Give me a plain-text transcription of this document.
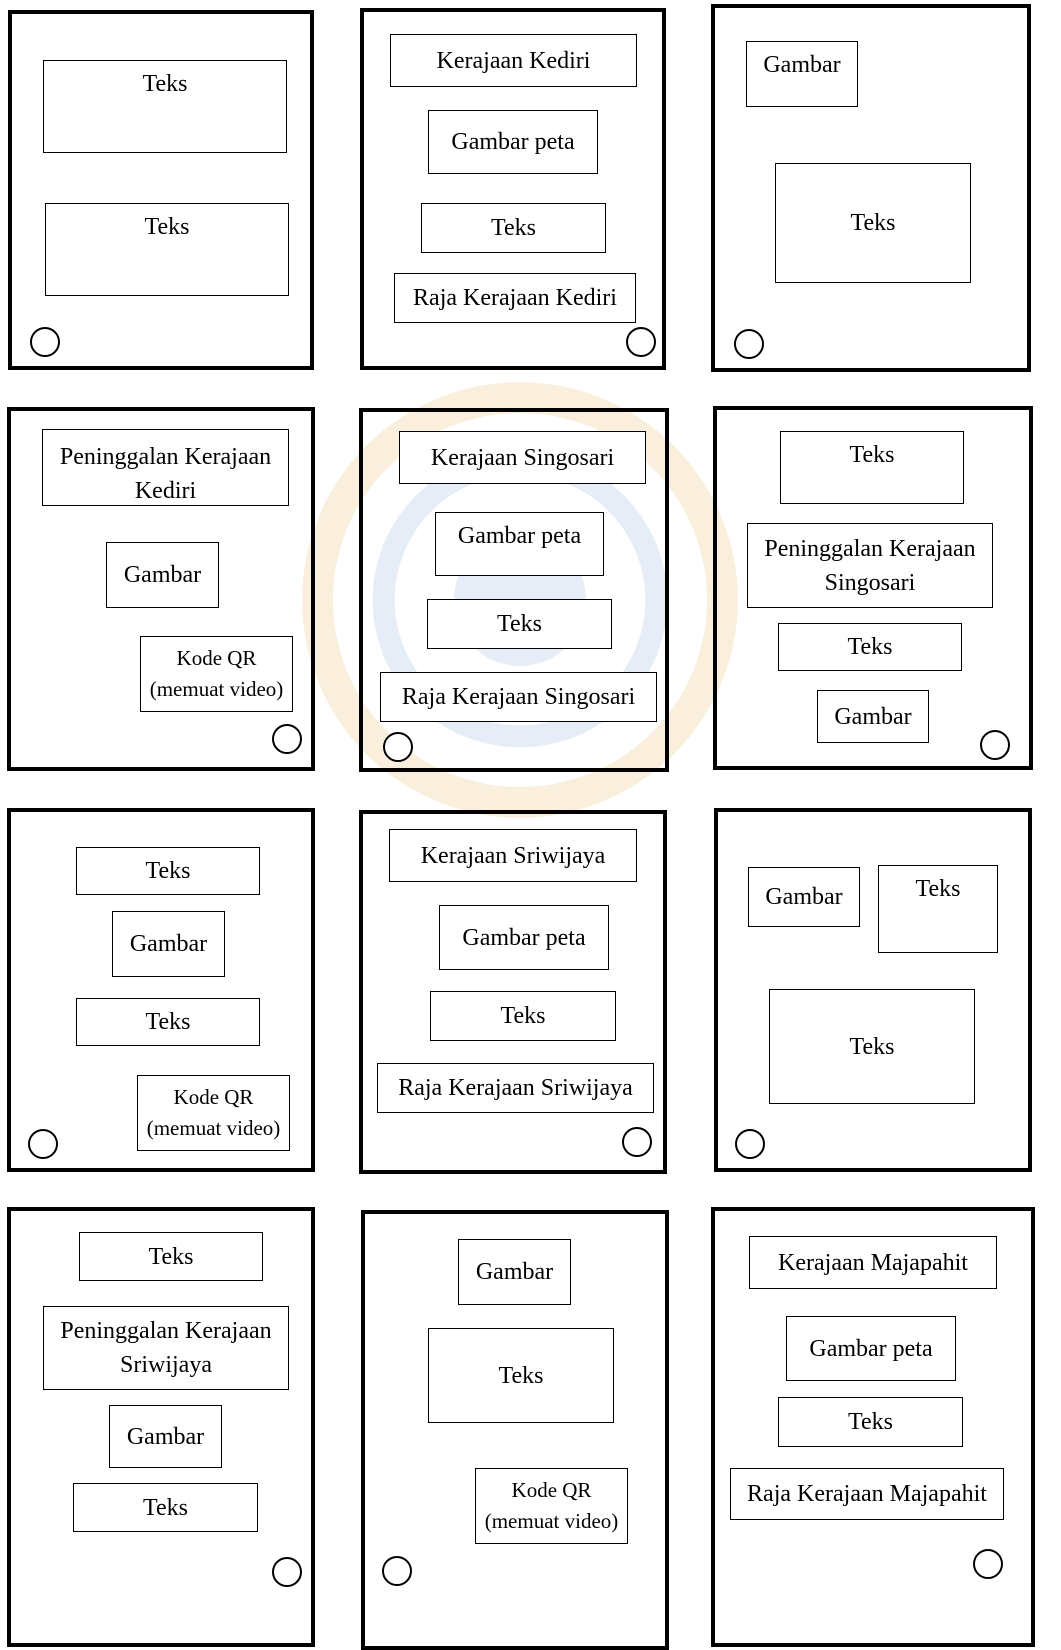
Teks
Teks
Kerajaan Kediri
Gambar peta
Teks
Raja Kerajaan Kediri
Gambar
Teks
Peninggalan Kerajaan Kediri
Gambar
Kode QR (memuat video)
Kerajaan Singosari
Gambar peta
Teks
Raja Kerajaan Singosari
Teks
Peninggalan Kerajaan Singosari
Teks
Gambar
Teks
Gambar
Teks
Kode QR (memuat video)
Kerajaan Sriwijaya
Gambar peta
Teks
Raja Kerajaan Sriwijaya
Gambar	Teks
Teks
Teks
Peninggalan Kerajaan Sriwijaya
Gambar
Teks
Gambar
Teks
Kode QR (memuat video)
Kerajaan Majapahit
Gambar peta
Teks
Raja Kerajaan Majapahit
